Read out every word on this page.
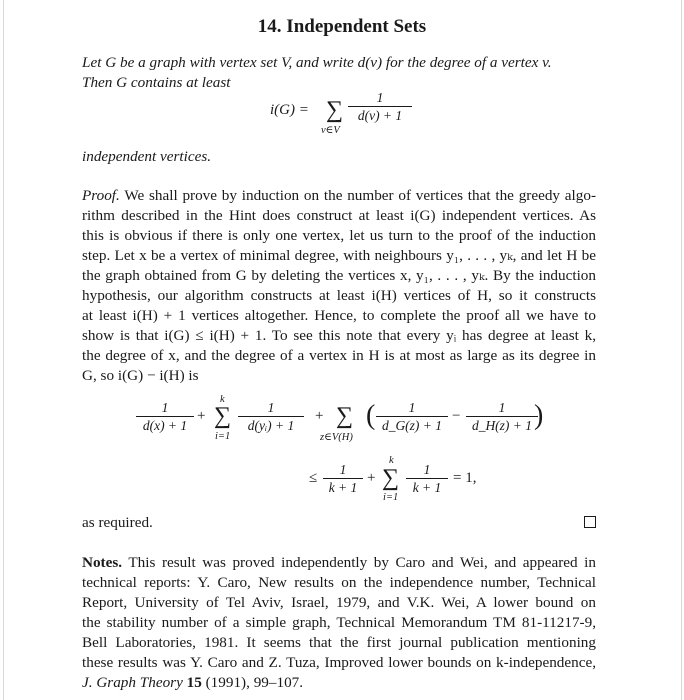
14. Independent Sets
Let G be a graph with vertex set V, and write d(v) for the degree of a vertex v.
Then G contains at least
i(G) = ∑
v∈V
1
d(v) + 1
independent vertices.
Proof. We shall prove by induction on the number of vertices that the greedy algo-
rithm described in the Hint does construct at least i(G) independent vertices. As
this is obvious if there is only one vertex, let us turn to the proof of the induction
step. Let x be a vertex of minimal degree, with neighbours y₁, . . . , yₖ, and let H be
the graph obtained from G by deleting the vertices x, y₁, . . . , yₖ. By the induction
hypothesis, our algorithm constructs at least i(H) vertices of H, so it constructs
at least i(H) + 1 vertices altogether. Hence, to complete the proof all we have to
show is that i(G) ≤ i(H) + 1. To see this note that every yᵢ has degree at least k,
the degree of x, and the degree of a vertex in H is at most as large as its degree in
G, so i(G) − i(H) is
1
d(x) + 1
+
k
∑
i=1
1
d(yᵢ) + 1
+ ∑
z∈V(H)
(	1
d_G(z) + 1
−
1
d_H(z) + 1 )
≤
1
k + 1
+
k
∑
i=1
1
k + 1
= 1,
as required.
Notes. This result was proved independently by Caro and Wei, and appeared in
technical reports: Y. Caro, New results on the independence number, Technical
Report, University of Tel Aviv, Israel, 1979, and V.K. Wei, A lower bound on
the stability number of a simple graph, Technical Memorandum TM 81-11217-9,
Bell Laboratories, 1981. It seems that the first journal publication mentioning
these results was Y. Caro and Z. Tuza, Improved lower bounds on k-independence,
J. Graph Theory 15 (1991), 99–107.
